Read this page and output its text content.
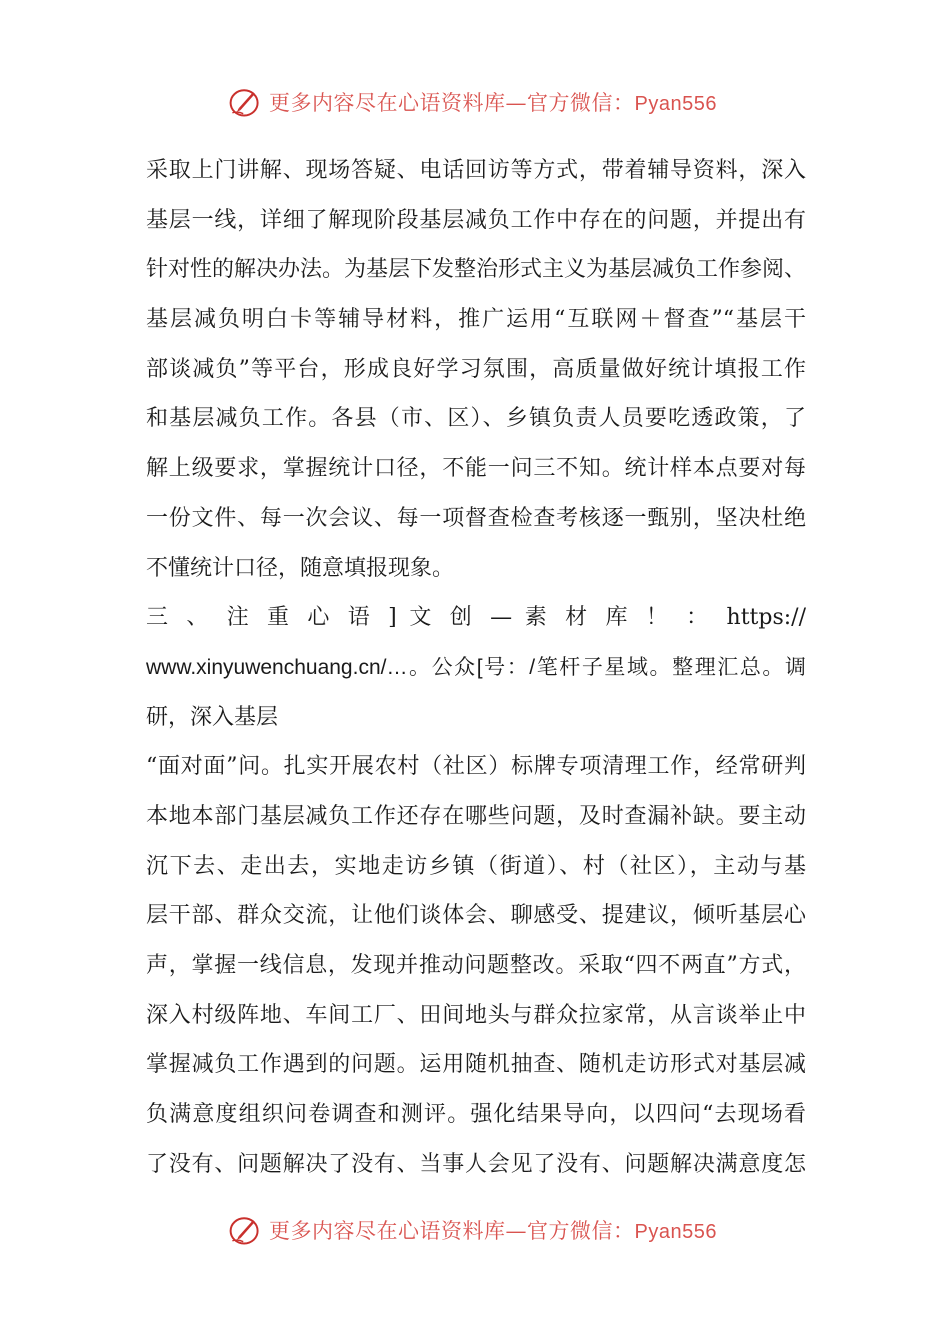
更多内容尽在心语资料库—官方微信：Pyan556
采取上门讲解、现场答疑、电话回访等方式，带着辅导资料，深入
基层一线，详细了解现阶段基层减负工作中存在的问题，并提出有
针对性的解决办法。为基层下发整治形式主义为基层减负工作参阅、
基层减负明白卡等辅导材料，推广运用“互联网＋督查”“基层干
部谈减负”等平台，形成良好学习氛围，高质量做好统计填报工作
和基层减负工作。各县（市、区）、乡镇负责人员要吃透政策，了
解上级要求，掌握统计口径，不能一问三不知。统计样本点要对每
一份文件、每一次会议、每一项督查检查考核逐一甄别，坚决杜绝
不懂统计口径，随意填报现象。
三 、 注 重 心 语 ] 文 创 — 素 材 库 ！ ： https://
www.xinyuwenchuang.cn/…。公众[号：/笔杆子星域。整理汇总。调
研，深入基层
“面对面”问。扎实开展农村（社区）标牌专项清理工作，经常研判
本地本部门基层减负工作还存在哪些问题，及时查漏补缺。要主动
沉下去、走出去，实地走访乡镇（街道）、村（社区），主动与基
层干部、群众交流，让他们谈体会、聊感受、提建议，倾听基层心
声，掌握一线信息，发现并推动问题整改。采取“四不两直”方式，
深入村级阵地、车间工厂、田间地头与群众拉家常，从言谈举止中
掌握减负工作遇到的问题。运用随机抽查、随机走访形式对基层减
负满意度组织问卷调查和测评。强化结果导向，以四问“去现场看
了没有、问题解决了没有、当事人会见了没有、问题解决满意度怎
更多内容尽在心语资料库—官方微信：Pyan556
